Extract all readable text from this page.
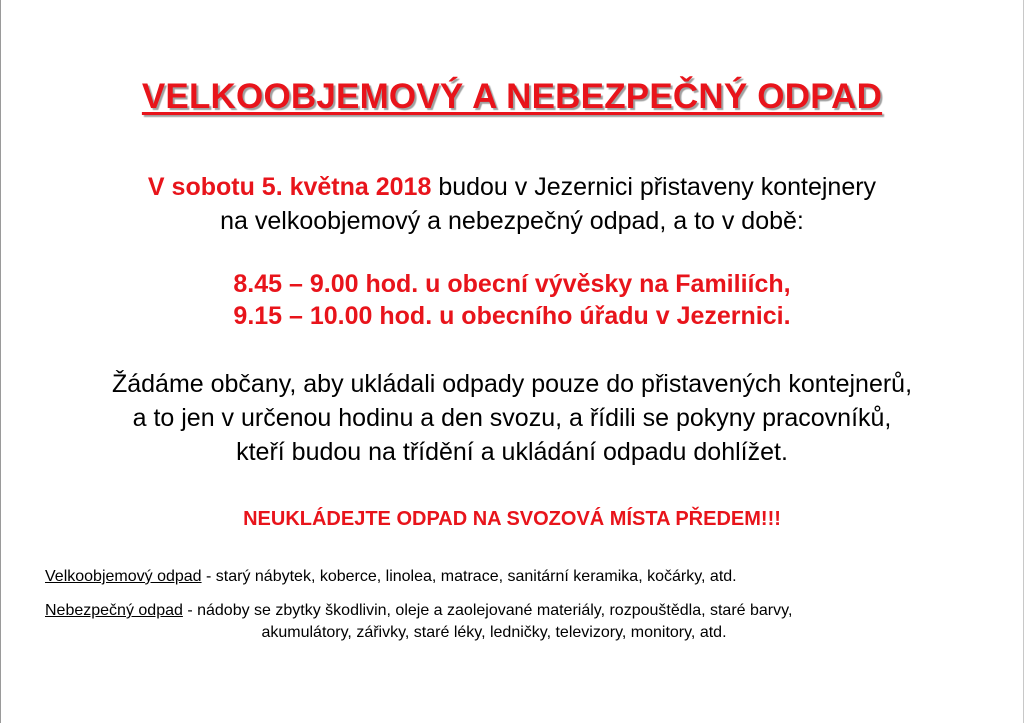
VELKOOBJEMOVÝ A NEBEZPEČNÝ ODPAD
V sobotu 5. května 2018 budou v Jezernici přistaveny kontejnery
na velkoobjemový a nebezpečný odpad, a to v době:
8.45 – 9.00 hod. u obecní vývěsky na Familiích,
9.15 – 10.00 hod. u obecního úřadu v Jezernici.
Žádáme občany, aby ukládali odpady pouze do přistavených kontejnerů,
a to jen v určenou hodinu a den svozu, a řídili se pokyny pracovníků,
kteří budou na třídění a ukládání odpadu dohlížet.
NEUKLÁDEJTE ODPAD NA SVOZOVÁ MÍSTA PŘEDEM!!!
Velkoobjemový odpad - starý nábytek, koberce, linolea, matrace, sanitární keramika, kočárky, atd.
Nebezpečný odpad - nádoby se zbytky škodlivin, oleje a zaolejované materiály, rozpouštědla, staré barvy,
akumulátory, zářivky, staré léky, ledničky, televizory, monitory, atd.
